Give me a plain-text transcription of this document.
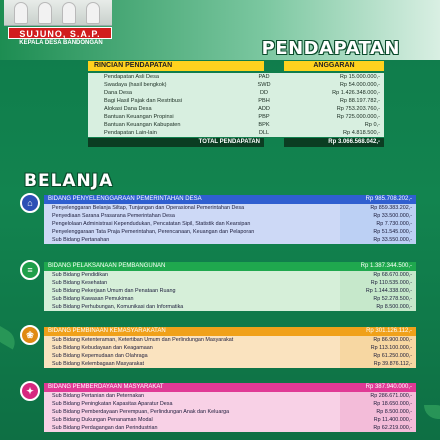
SUJUNO, S.A.P.
KEPALA DESA BANDONGAN	PENDAPATAN
RINCIAN PENDAPATAN	ANGGARAN
Pendapatan Asli Desa	PAD	Rp 15.000.000,-
Swadaya (hasil bengkok)	SWD	Rp 54.000.000,-
Dana Desa	DD	Rp 1.426.348.000,-
Bagi Hasil Pajak dan Restribusi	PBH	Rp 88.197.782,-
Alokasi Dana Desa	ADD	Rp 753.203.760,-
Bantuan Keuangan Propinsi	PBP	Rp 725.000.000,-
Bantuan Keuangan Kabupaten	BPK	Rp 0,-
Pendapatan Lain-lain	DLL	Rp 4.818.500,-
TOTAL PENDAPATAN	Rp 3.066.568.042,-
BELANJA
⌂	BIDANG PENYELENGGARAAN PEMERINTAHAN DESA	Rp 985.708.202,-
Penyelenggaran Belanja Siltap, Tunjangan dan Operasional Pemerintahan Desa	Rp 859.383.202,-
Penyediaan Sarana Prasarana Pemerintahan Desa	Rp 33.500.000,-
Pengelolaan Administrasi Kependudukan, Pencatatan Sipil, Statistik dan Kearsipan	Rp 7.730.000,-
Penyelenggaraan Tata Praja Pemerintahan, Perencanaan, Keuangan dan Pelaporan	Rp 51.545.000,-
Sub Bidang Pertanahan	Rp 33.550.000,-
≡	BIDANG PELAKSANAAN PEMBANGUNAN	Rp 1.387.344.500,-
Sub Bidang Pendidikan	Rp 68.670.000,-
Sub Bidang Kesehatan	Rp 110.535.000,-
Sub Bidang Pekerjaan Umum dan Penataan Ruang	Rp 1.144.338.000,-
Sub Bidang Kawasan Pemukiman	Rp 52.278.500,-
Sub Bidang Perhubungan, Komunikasi dan Informatika	Rp 8.500.000,-
❀	BIDANG PEMBINAAN KEMASYARAKATAN	Rp 301.126.112,-
Sub Bidang Ketenteraman, Ketertiban Umum dan Perlindungan Masyarakat	Rp 86.900.000,-
Sub Bidang Kebudayaan dan Keagamaan	Rp 113.100.000,-
Sub Bidang Kepemudaan dan Olahraga	Rp 61.250.000,-
Sub Bidang Kelembagaan Masyarakat	Rp 39.876.112,-
✦	BIDANG PEMBERDAYAAN MASYARAKAT	Rp 387.940.000,-
Sub Bidang Pertanian dan Peternakan	Rp 286.671.000,-
Sub Bidang Peningkatan Kapasitas Aparatur Desa	Rp 18.650.000,-
Sub Bidang Pemberdayaan Perempuan, Perlindungan Anak dan Keluarga	Rp 8.500.000,-
Sub Bidang Dukungan Penanaman Modal	Rp 11.400.000,-
Sub Bidang Perdagangan dan Perindustrian	Rp 62.219.000,-
